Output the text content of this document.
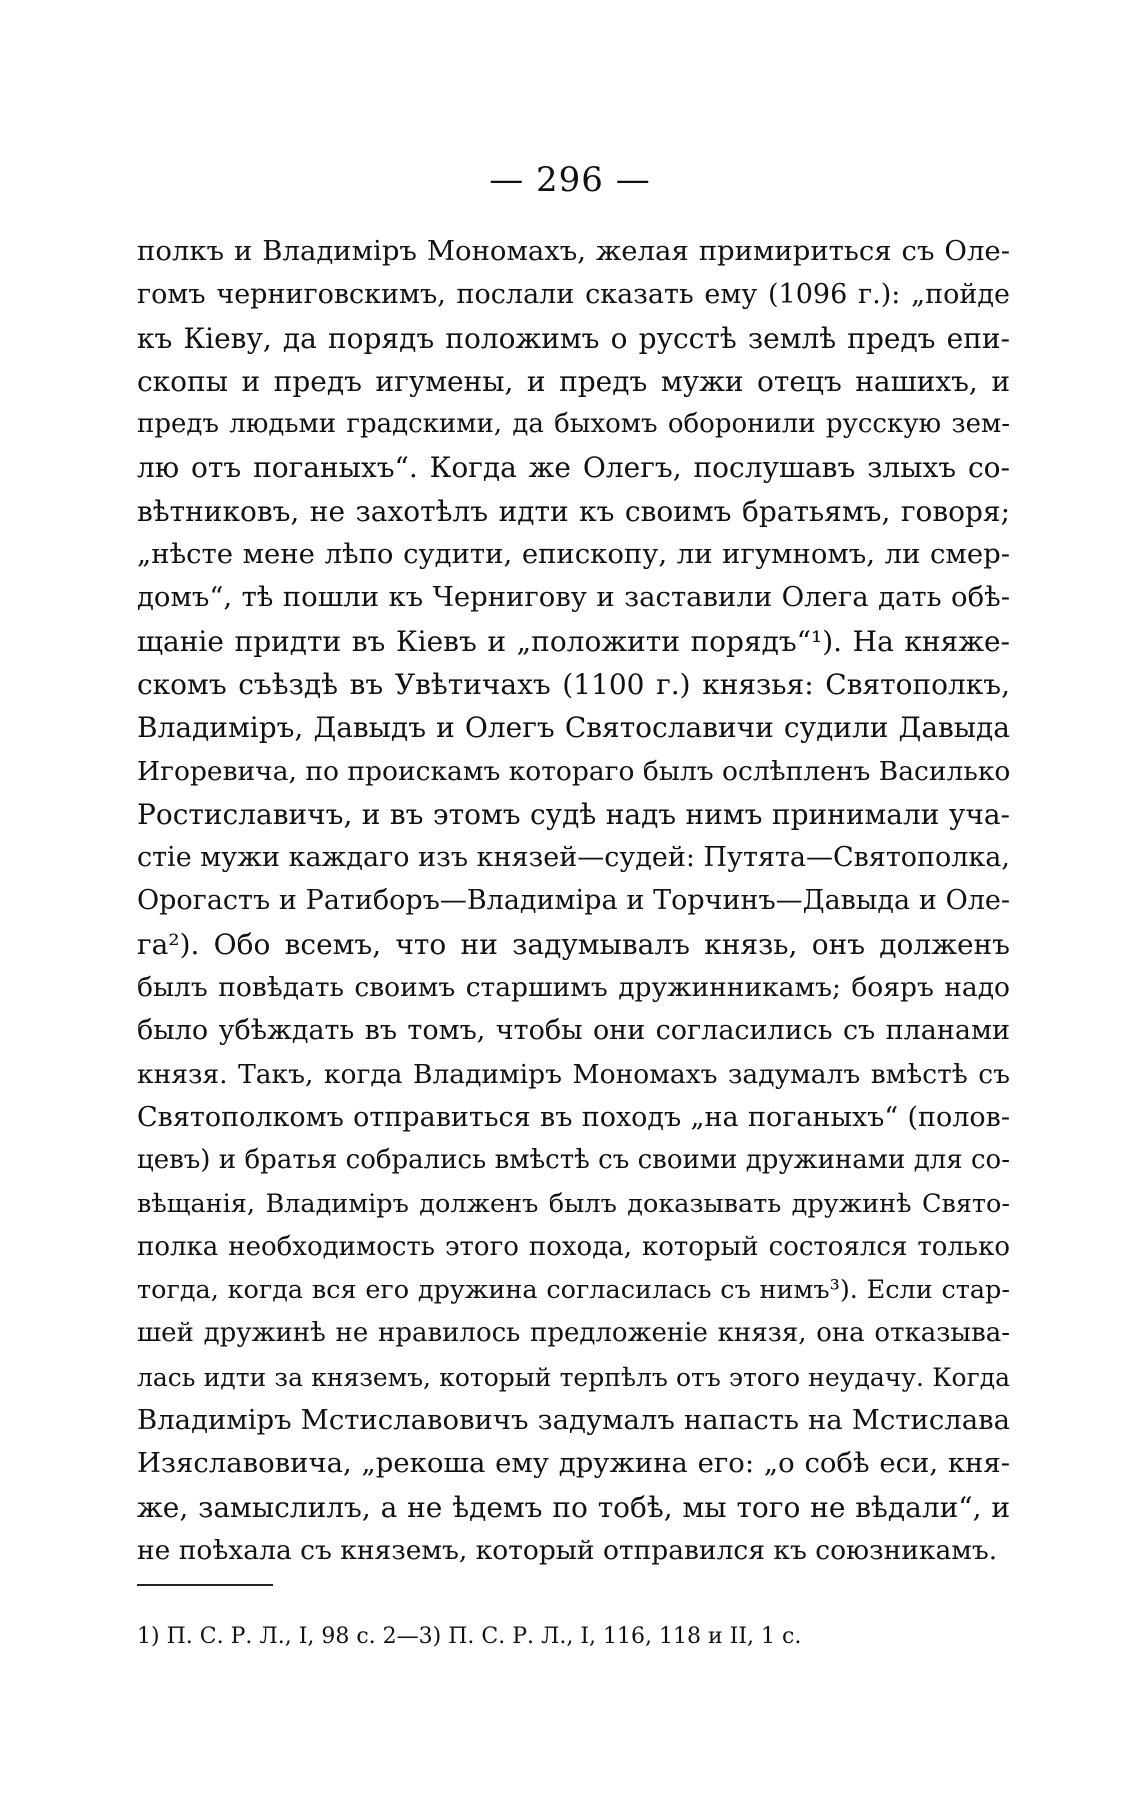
— 296 —
полкъ и Владиміръ Мономахъ, желая примириться съ Оле-
гомъ черниговскимъ, послали сказать ему (1096 г.): „пойде
къ Кіеву, да порядъ положимъ о русстѣ землѣ предъ епи-
скопы и предъ игумены, и предъ мужи отецъ нашихъ, и
предъ людьми градскими, да быхомъ оборонили русскую зем-
лю отъ поганыхъ“. Когда же Олегъ, послушавъ злыхъ со-
вѣтниковъ, не захотѣлъ идти къ своимъ братьямъ, говоря;
„нѣсте мене лѣпо судити, епископу, ли игумномъ, ли смер-
домъ“, тѣ пошли къ Чернигову и заставили Олега дать обѣ-
щаніе придти въ Кіевъ и „положити порядъ“¹). На княже-
скомъ съѣздѣ въ Увѣтичахъ (1100 г.) князья: Святополкъ,
Владиміръ, Давыдъ и Олегъ Святославичи судили Давыда
Игоревича, по проискамъ котораго былъ ослѣпленъ Василько
Ростиславичъ, и въ этомъ судѣ надъ нимъ принимали уча-
стіе мужи каждаго изъ князей—судей: Путята—Святополка,
Орогастъ и Ратиборъ—Владиміра и Торчинъ—Давыда и Оле-
га²). Обо всемъ, что ни задумывалъ князь, онъ долженъ
былъ повѣдать своимъ старшимъ дружинникамъ; бояръ надо
было убѣждать въ томъ, чтобы они согласились съ планами
князя. Такъ, когда Владиміръ Мономахъ задумалъ вмѣстѣ съ
Святополкомъ отправиться въ походъ „на поганыхъ“ (полов-
цевъ) и братья собрались вмѣстѣ съ своими дружинами для со-
вѣщанія, Владиміръ долженъ былъ доказывать дружинѣ Свято-
полка необходимость этого похода, который состоялся только
тогда, когда вся его дружина согласилась съ нимъ³). Если стар-
шей дружинѣ не нравилось предложеніе князя, она отказыва-
лась идти за княземъ, который терпѣлъ отъ этого неудачу. Когда
Владиміръ Мстиславовичъ задумалъ напасть на Мстислава
Изяславовича, „рекоша ему дружина его: „о собѣ еси, кня-
же, замыслилъ, а не ѣдемъ по тобѣ, мы того не вѣдали“, и
не поѣхала съ княземъ, который отправился къ союзникамъ.
1) П. С. Р. Л., I, 98 с. 2—3) П. С. Р. Л., I, 116, 118 и II, 1 с.
